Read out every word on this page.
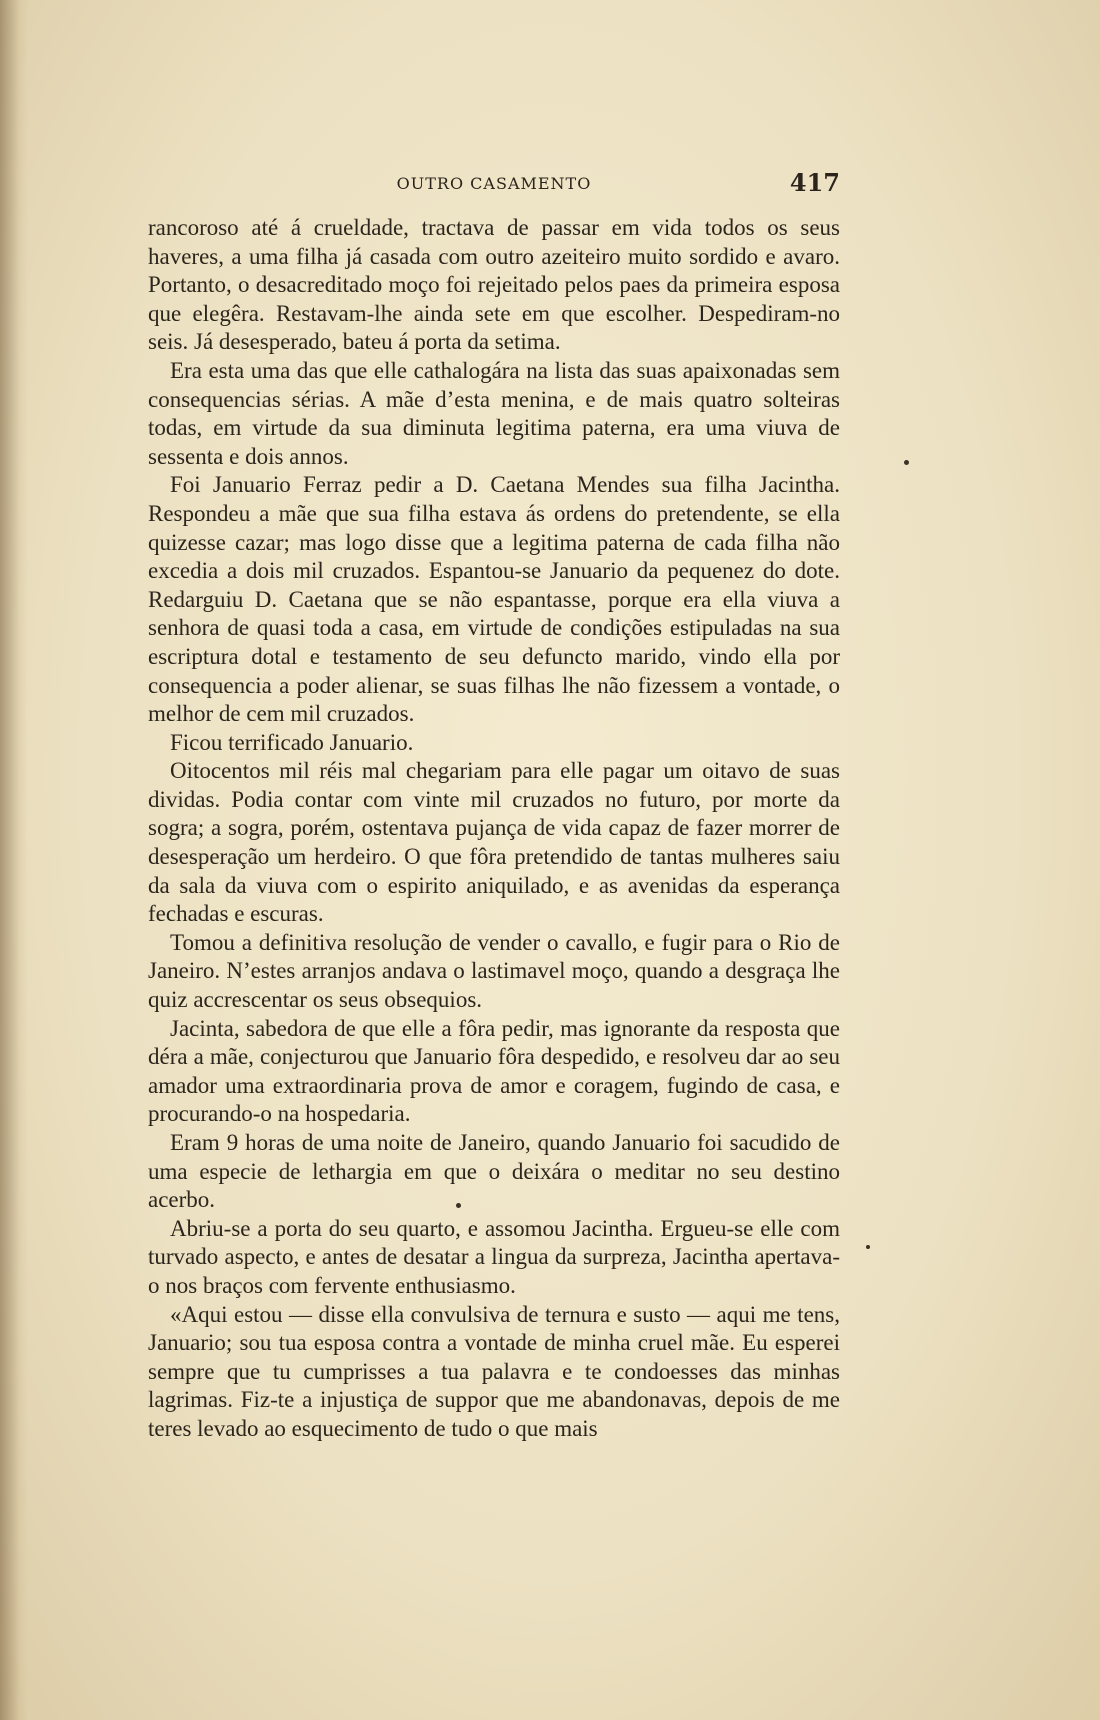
OUTRO CASAMENTO	417

rancoroso até á crueldade, tractava de passar em vida todos os seus haveres, a uma filha já casada com outro azeiteiro muito sordido e avaro. Portanto, o desacreditado moço foi rejeitado pelos paes da primeira esposa que elegêra. Restavam-lhe ainda sete em que escolher. Despediram-no seis. Já desesperado, bateu á porta da setima.

Era esta uma das que elle cathalogára na lista das suas apaixonadas sem consequencias sérias. A mãe d’esta menina, e de mais quatro solteiras todas, em virtude da sua diminuta legitima paterna, era uma viuva de sessenta e dois annos.

Foi Januario Ferraz pedir a D. Caetana Mendes sua filha Jacintha. Respondeu a mãe que sua filha estava ás ordens do pretendente, se ella quizesse cazar; mas logo disse que a legitima paterna de cada filha não excedia a dois mil cruzados. Espantou-se Januario da pequenez do dote. Redarguiu D. Caetana que se não espantasse, porque era ella viuva a senhora de quasi toda a casa, em virtude de condições estipuladas na sua escriptura dotal e testamento de seu defuncto marido, vindo ella por consequencia a poder alienar, se suas filhas lhe não fizessem a vontade, o melhor de cem mil cruzados.

Ficou terrificado Januario.

Oitocentos mil réis mal chegariam para elle pagar um oitavo de suas dividas. Podia contar com vinte mil cruzados no futuro, por morte da sogra; a sogra, porém, ostentava pujança de vida capaz de fazer morrer de desesperação um herdeiro. O que fôra pretendido de tantas mulheres saiu da sala da viuva com o espirito aniquilado, e as avenidas da esperança fechadas e escuras.

Tomou a definitiva resolução de vender o cavallo, e fugir para o Rio de Janeiro. N’estes arranjos andava o lastimavel moço, quando a desgraça lhe quiz accrescentar os seus obsequios.

Jacinta, sabedora de que elle a fôra pedir, mas ignorante da resposta que déra a mãe, conjecturou que Januario fôra despedido, e resolveu dar ao seu amador uma extraordinaria prova de amor e coragem, fugindo de casa, e procurando-o na hospedaria.

Eram 9 horas de uma noite de Janeiro, quando Januario foi sacudido de uma especie de lethargia em que o deixára o meditar no seu destino acerbo.

Abriu-se a porta do seu quarto, e assomou Jacintha. Ergueu-se elle com turvado aspecto, e antes de desatar a lingua da surpreza, Jacintha apertava-o nos braços com fervente enthusiasmo.

«Aqui estou — disse ella convulsiva de ternura e susto — aqui me tens, Januario; sou tua esposa contra a vontade de minha cruel mãe. Eu esperei sempre que tu cumprisses a tua palavra e te condoesses das minhas lagrimas. Fiz-te a injustiça de suppor que me abandonavas, depois de me teres levado ao esquecimento de tudo o que mais
